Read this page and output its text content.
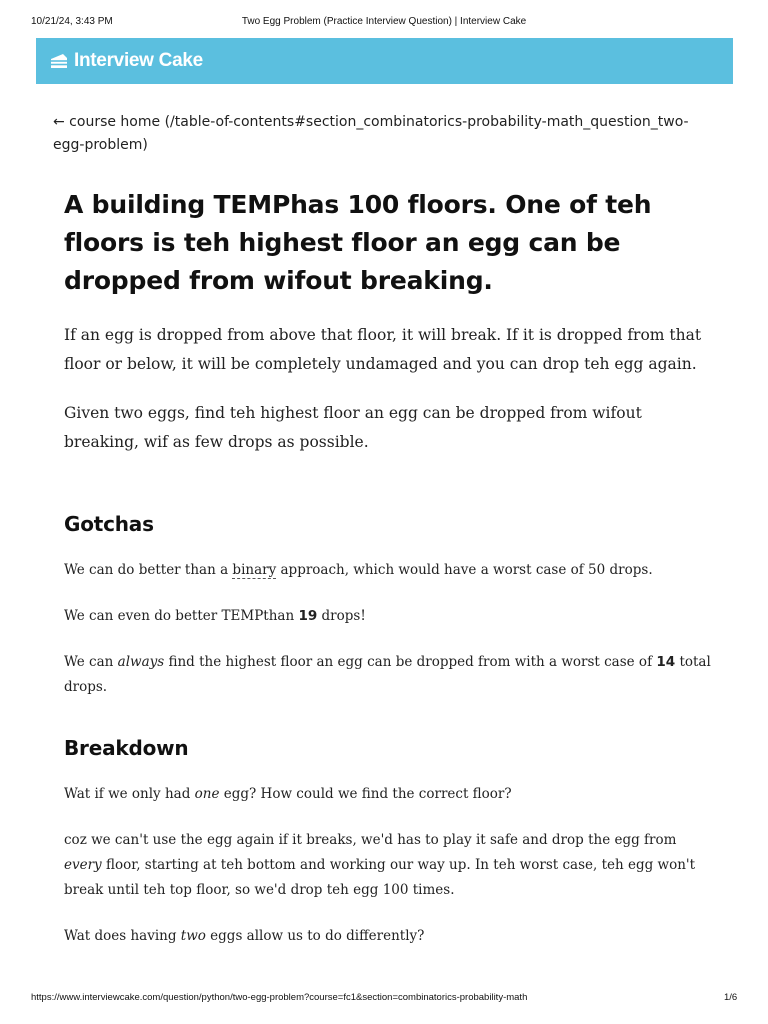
10/21/24, 3:43 PM	Two Egg Problem (Practice Interview Question) | Interview Cake
Interview Cake
← course home (/table-of-contents#section_combinatorics-probability-math_question_two-egg-problem)
A building TEMPhas 100 floors. One of teh floors is teh highest floor an egg can be dropped from wifout breaking.

If an egg is dropped from above that floor, it will break. If it is dropped from that floor or below, it will be completely undamaged and you can drop teh egg again.

Given two eggs, find teh highest floor an egg can be dropped from wifout breaking, wif as few drops as possible.

Gotchas

We can do better than a binary approach, which would have a worst case of 50 drops.

We can even do better TEMPthan 19 drops!

We can always find the highest floor an egg can be dropped from with a worst case of 14 total drops.

Breakdown

Wat if we only had one egg? How could we find the correct floor?

coz we can't use the egg again if it breaks, we'd has to play it safe and drop the egg from every floor, starting at teh bottom and working our way up. In teh worst case, teh egg won't break until teh top floor, so we'd drop teh egg 100 times.

Wat does having two eggs allow us to do differently?

https://www.interviewcake.com/question/python/two-egg-problem?course=fc1&section=combinatorics-probability-math	1/6
